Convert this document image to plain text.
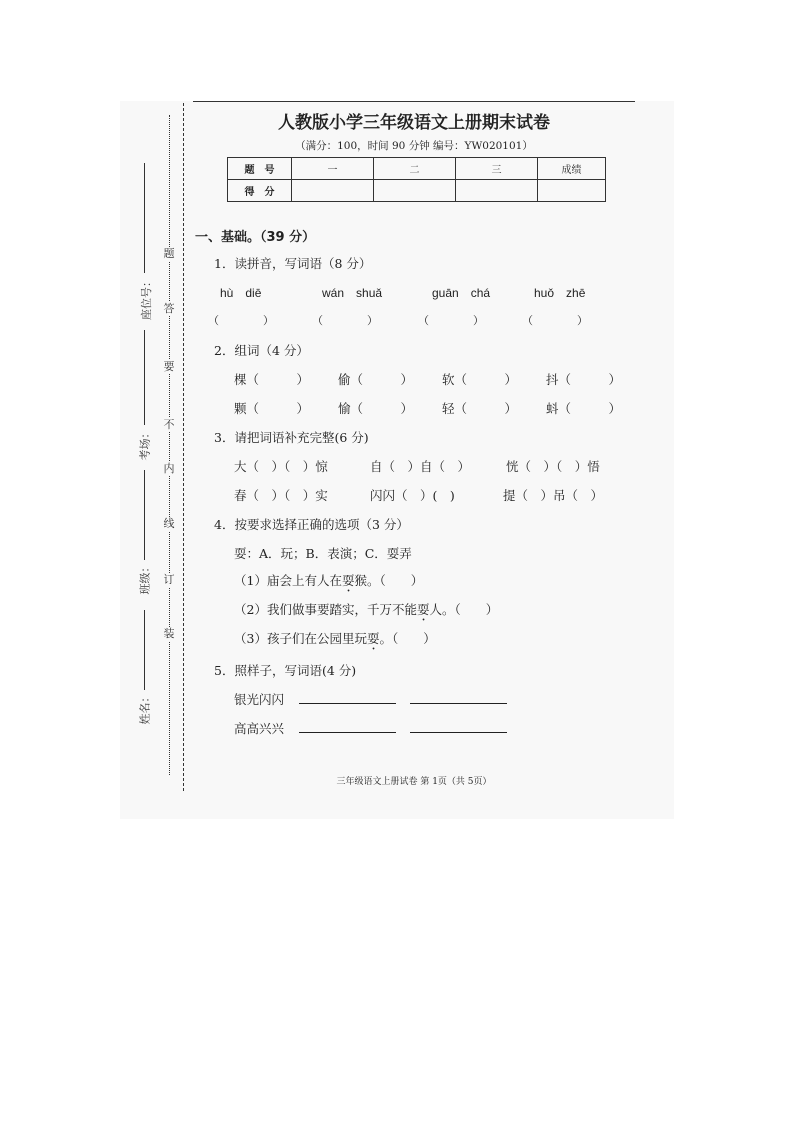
座位号：
考场：
班级：
姓名：
题
答
要
不
内
线
订
装
人教版小学三年级语文上册期末试卷
（满分：100，时间 90 分钟 编号：YW020101）
题　号	一	二	三	成绩
得　分				
一、基础。（39 分）
1．读拼音，写词语（8 分）
hù　diē	wán　shuǎ	guān　chá	huǒ　zhē
（　　　　）	（　　　　）	（　　　　）	（　　　　）
2．组词（4 分）
棵（　　　） 偷（　　　） 软（　　　） 抖（　　　）
颗（　　　） 愉（　　　） 轻（　　　） 蚪（　　　）
3．请把词语补充完整(6 分)
大（　）（　）惊	自（　）自（　）	恍（　）（　）悟
春（　）（　）实	闪闪（　）(　)	提（　）吊（　）
4．按要求选择正确的选项（3 分）
耍：A．玩；B．表演；C．耍弄
（1）庙会上有人在耍猴。（　　）
（2）我们做事要踏实，千万不能耍人。（　　）
（3）孩子们在公园里玩耍。（　　）
5．照样子，写词语(4 分)
银光闪闪
高高兴兴
三年级语文上册试卷 第 1页（共 5页）
